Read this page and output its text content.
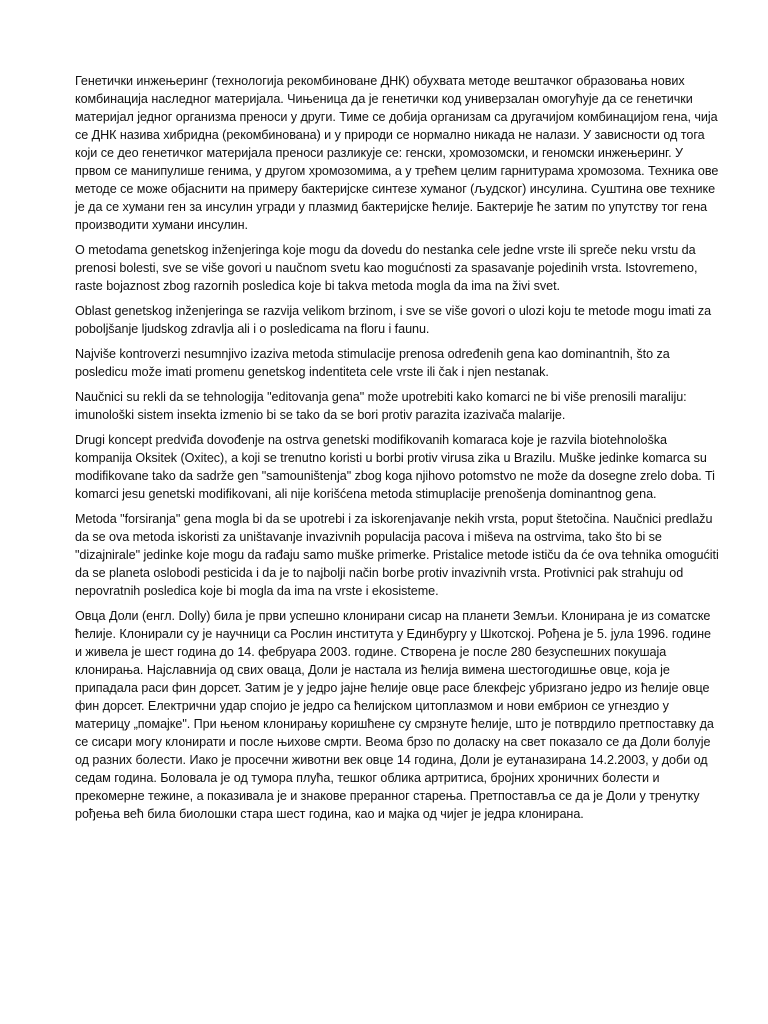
Генетички инжењеринг (технологија рекомбиноване ДНК) обухвата методе вештачког образовања нових комбинација наследног материјала. Чињеница да је генетички код универзалан омогућује да се генетички материјал једног организма преноси у други. Тиме се добија организам са другачијом комбинацијом гена, чија се ДНК назива хибридна (рекомбинована) и у природи се нормално никада не налази. У зависности од тога који се део генетичког материјала преноси разликује се: генски, хромозомски, и геномски инжењеринг. У првом се манипулише генима, у другом хромозомима, а у трећем целим гарнитурама хромозома. Техника ове методе се може објаснити на примеру бактеријске синтезе хуманог (људског) инсулина. Суштина ове технике је да се хумани ген за инсулин угради у плазмид бактеријске ћелије. Бактерије ће затим по упутству тог гена производити хумани инсулин.

O metodama genetskog inženjeringa koje mogu da dovedu do nestanka cele jedne vrste ili spreče neku vrstu da prenosi bolesti, sve se više govori u naučnom svetu kao mogućnosti za spasavanje pojedinih vrsta. Istovremeno, raste bojaznost zbog razornih posledica koje bi takva metoda mogla da ima na živi svet.

Oblast genetskog inženjeringa se razvija velikom brzinom, i sve se više govori o ulozi koju te metode mogu imati za poboljšanje ljudskog zdravlja ali i o posledicama na floru i faunu.

Najviše kontroverzi nesumnjivo izaziva metoda stimulacije prenosa određenih gena kao dominantnih, što za posledicu može imati promenu genetskog indentiteta cele vrste ili čak i njen nestanak.

Naučnici su rekli da se tehnologija "editovanja gena" može upotrebiti kako komarci ne bi više prenosili maraliju: imunološki sistem insekta izmenio bi se tako da se bori protiv parazita izazivača malarije.

Drugi koncept predviđa dovođenje na ostrva genetski modifikovanih komaraca koje je razvila biotehnološka kompanija Oksitek (Oxitec), a koji se trenutno koristi u borbi protiv virusa zika u Brazilu. Muške jedinke komarca su modifikovane tako da sadrže gen "samouništenja" zbog koga njihovo potomstvo ne može da dosegne zrelo doba. Ti komarci jesu genetski modifikovani, ali nije korišćena metoda stimuplacije prenošenja dominantnog gena.

Metoda "forsiranja" gena mogla bi da se upotrebi i za iskorenjavanje nekih vrsta, poput štetočina. Naučnici predlažu da se ova metoda iskoristi za uništavanje invazivnih populacija pacova i miševa na ostrvima, tako što bi se "dizajnirale" jedinke koje mogu da rađaju samo muške primerke. Pristalice metode ističu da će ova tehnika omogućiti da se planeta oslobodi pesticida i da je to najbolji način borbe protiv invazivnih vrsta. Protivnici pak strahuju od nepovratnih posledica koje bi mogla da ima na vrste i ekosisteme.

Овца Доли (енгл. Dolly) била је први успешно клонирани сисар на планети Земљи. Клонирана је из соматске ћелије. Клонирали су је научници са Рослин института у Единбургу у Шкотској. Рођена је 5. јула 1996. године и живела је шест година до 14. фебруара 2003. године. Створена је после 280 безуспешних покушаја клонирања. Најславнија од свих оваца, Доли је настала из ћелија вимена шестогодишње овце, која је припадала раси фин дорсет. Затим је у једро јајне ћелије овце расе блекфејс убризгано једро из ћелије овце фин дорсет. Електрични удар спојио је једро са ћелијском цитоплазмом и нови ембрион се угнездио у материцу „помајке". При њеном клонирању коришћене су смрзнуте ћелије, што је потврдило претпоставку да се сисари могу клонирати и после њихове смрти. Веома брзо по доласку на свет показало се да Доли болује од разних болести. Иако је просечни животни век овце 14 година, Доли је еутаназирана 14.2.2003, у доби од седам година. Боловала је од тумора плућа, тешког облика артритиса, бројних хроничних болести и прекомерне тежине, а показивала је и знакове преранног старења. Претпоставља се да је Доли у тренутку рођења већ била биолошки стара шест година, као и мајка од чијег је једра клонирана.
